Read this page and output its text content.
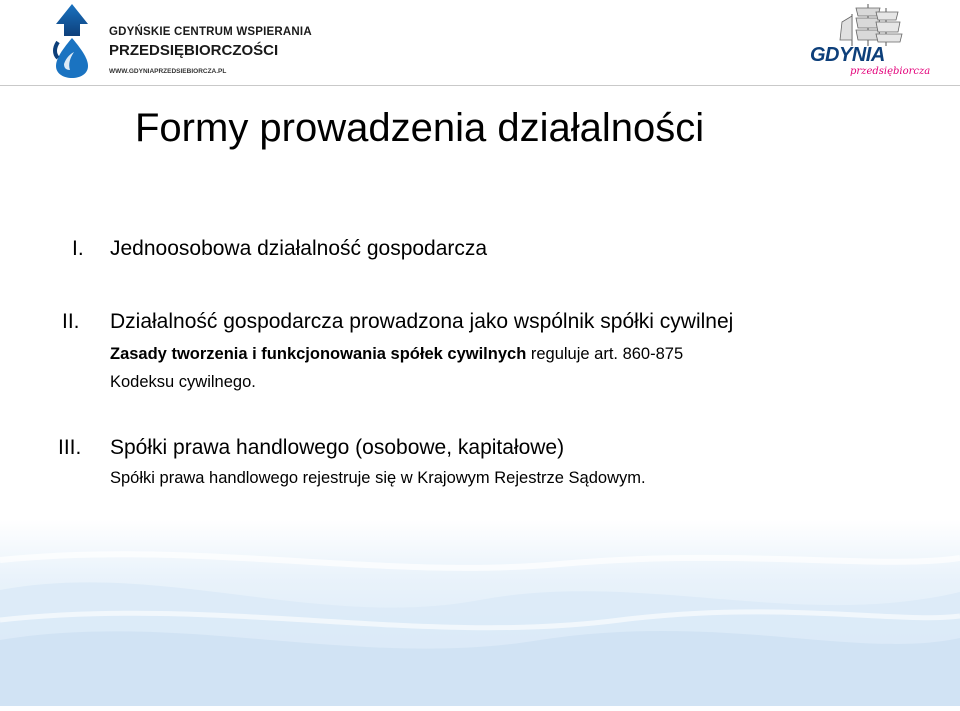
GDYŃSKIE CENTRUM WSPIERANIA
PRZEDSIĘBIORCZOŚCI
WWW.GDYNIAPRZEDSIEBIORCZA.PL
GDYNIA
przedsiębiorcza
Formy prowadzenia działalności
I. Jednoosobowa działalność gospodarcza
II. Działalność gospodarcza prowadzona jako wspólnik spółki cywilnej
Zasady tworzenia i funkcjonowania spółek cywilnych reguluje art. 860-875
Kodeksu cywilnego.
III. Spółki prawa handlowego (osobowe, kapitałowe)
Spółki prawa handlowego rejestruje się w Krajowym Rejestrze Sądowym.
